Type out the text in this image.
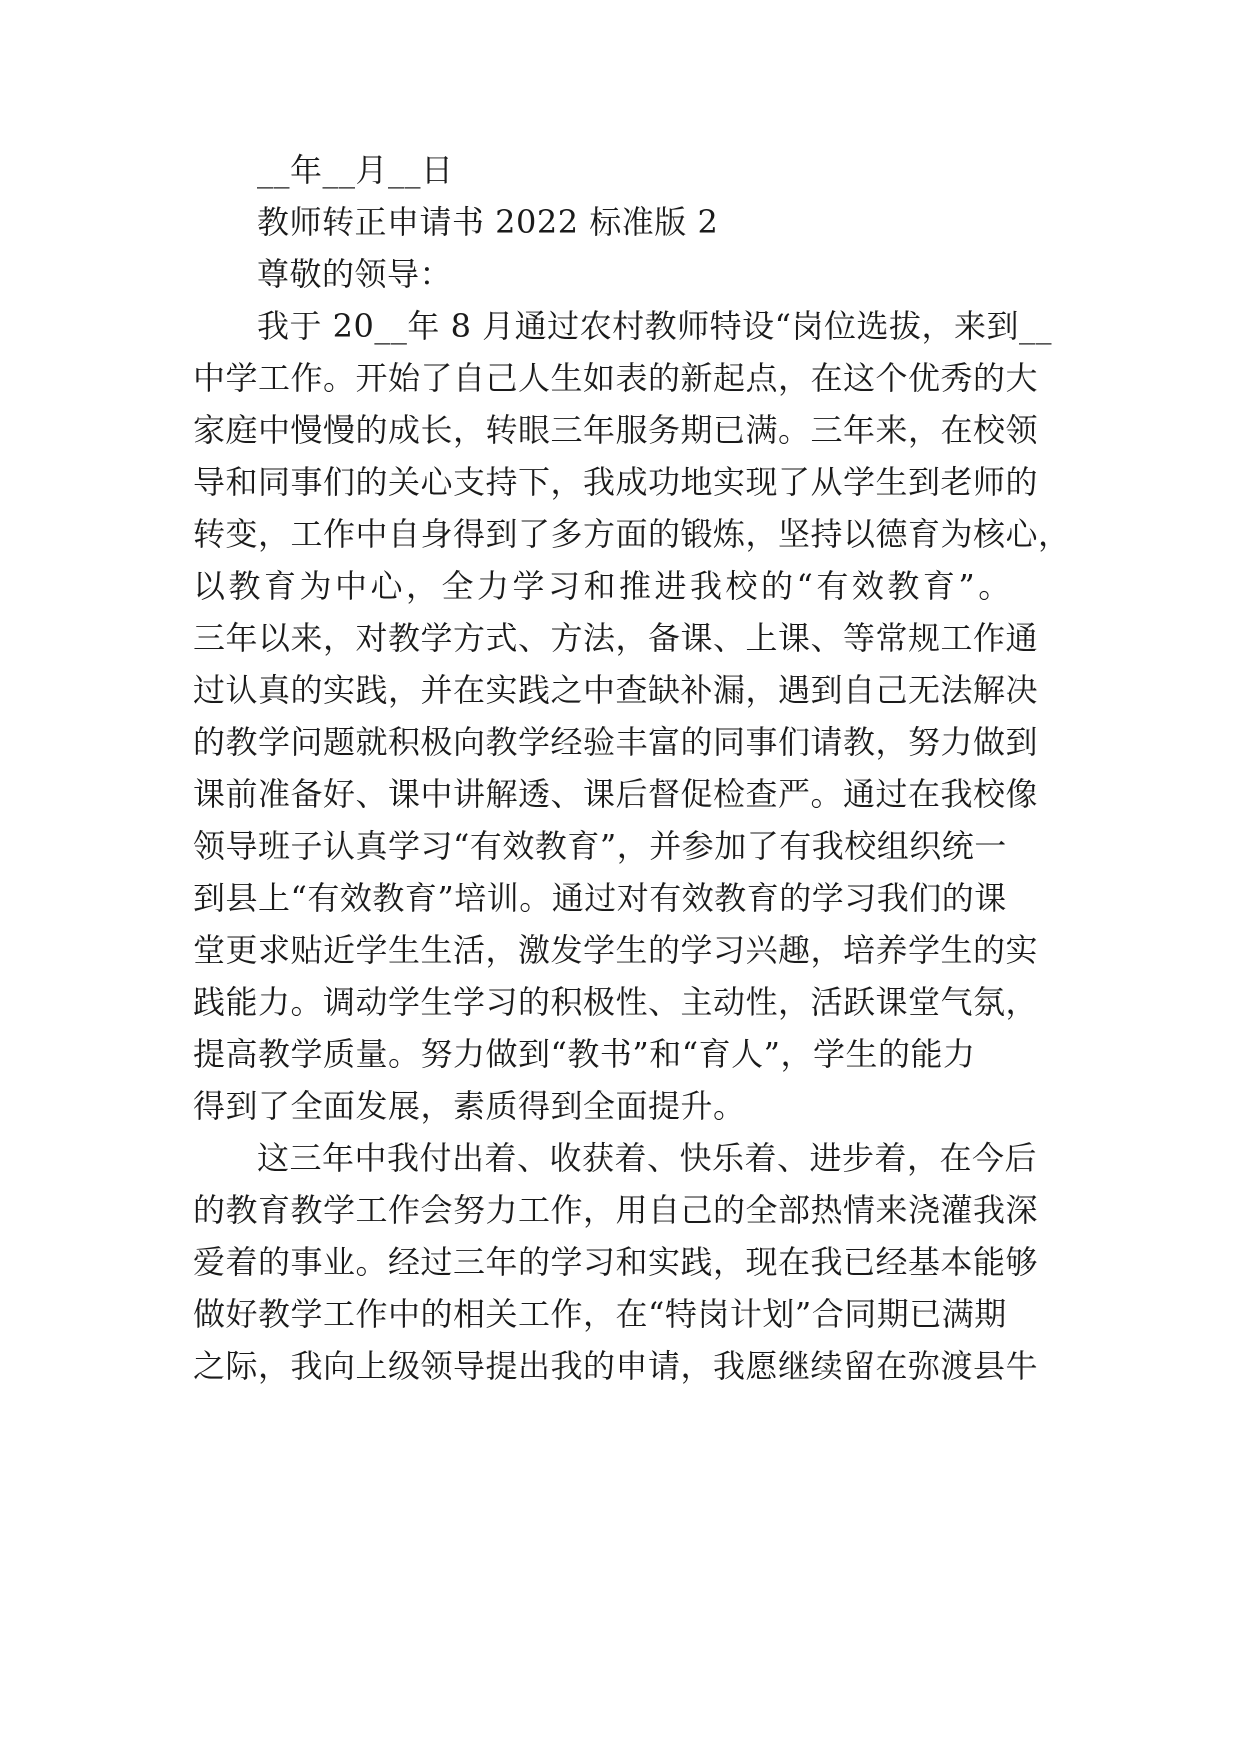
__年__月__日
教师转正申请书 2022 标准版 2
尊敬的领导：
我于 20__年 8 月通过农村教师特设“岗位选拔，来到__
中学工作。开始了自己人生如表的新起点，在这个优秀的大
家庭中慢慢的成长，转眼三年服务期已满。三年来，在校领
导和同事们的关心支持下，我成功地实现了从学生到老师的
转变，工作中自身得到了多方面的锻炼，坚持以德育为核心，
以教育为中心，全力学习和推进我校的“有效教育”。
三年以来，对教学方式、方法，备课、上课、等常规工作通
过认真的实践，并在实践之中查缺补漏，遇到自己无法解决
的教学问题就积极向教学经验丰富的同事们请教，努力做到
课前准备好、课中讲解透、课后督促检查严。通过在我校像
领导班子认真学习“有效教育”，并参加了有我校组织统一
到县上“有效教育”培训。通过对有效教育的学习我们的课
堂更求贴近学生生活，激发学生的学习兴趣，培养学生的实
践能力。调动学生学习的积极性、主动性，活跃课堂气氛，
提高教学质量。努力做到“教书”和“育人”，学生的能力
得到了全面发展，素质得到全面提升。
这三年中我付出着、收获着、快乐着、进步着，在今后
的教育教学工作会努力工作，用自己的全部热情来浇灌我深
爱着的事业。经过三年的学习和实践，现在我已经基本能够
做好教学工作中的相关工作，在“特岗计划”合同期已满期
之际，我向上级领导提出我的申请，我愿继续留在弥渡县牛
